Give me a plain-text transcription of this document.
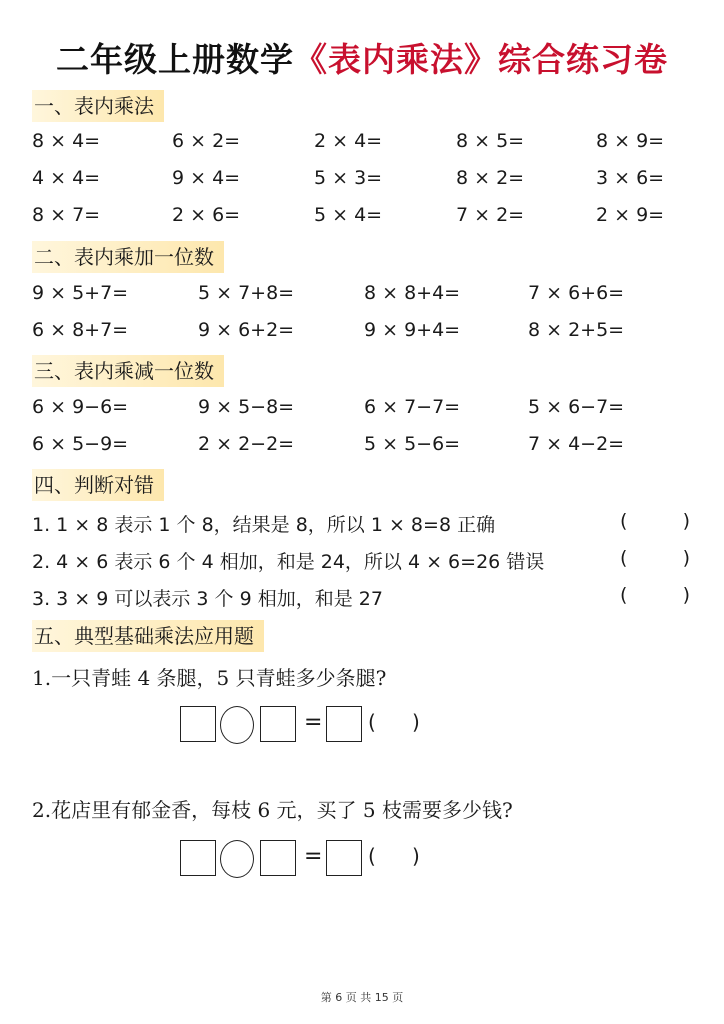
二年级上册数学《表内乘法》综合练习卷
一、表内乘法
8 × 4=	6 × 2=	2 × 4=	8 × 5=	8 × 9=
4 × 4=	9 × 4=	5 × 3=	8 × 2=	3 × 6=
8 × 7=	2 × 6=	5 × 4=	7 × 2=	2 × 9=
二、表内乘加一位数
9 × 5+7=	5 × 7+8=	8 × 8+4=	7 × 6+6=
6 × 8+7=	9 × 6+2=	9 × 9+4=	8 × 2+5=
三、表内乘减一位数
6 × 9−6=	9 × 5−8=	6 × 7−7=	5 × 6−7=
6 × 5−9=	2 × 2−2=	5 × 5−6=	7 × 4−2=
四、判断对错
1. 1 × 8 表示 1 个 8，结果是 8，所以 1 × 8=8 正确	(	)
2. 4 × 6 表示 6 个 4 相加，和是 24，所以 4 × 6=26 错误	(	)
3. 3 × 9 可以表示 3 个 9 相加，和是 27	(	)
五、典型基础乘法应用题
1.一只青蛙 4 条腿，5 只青蛙多少条腿?
= ( )
2.花店里有郁金香，每枝 6 元，买了 5 枝需要多少钱?
= ( )
第 6 页 共 15 页
